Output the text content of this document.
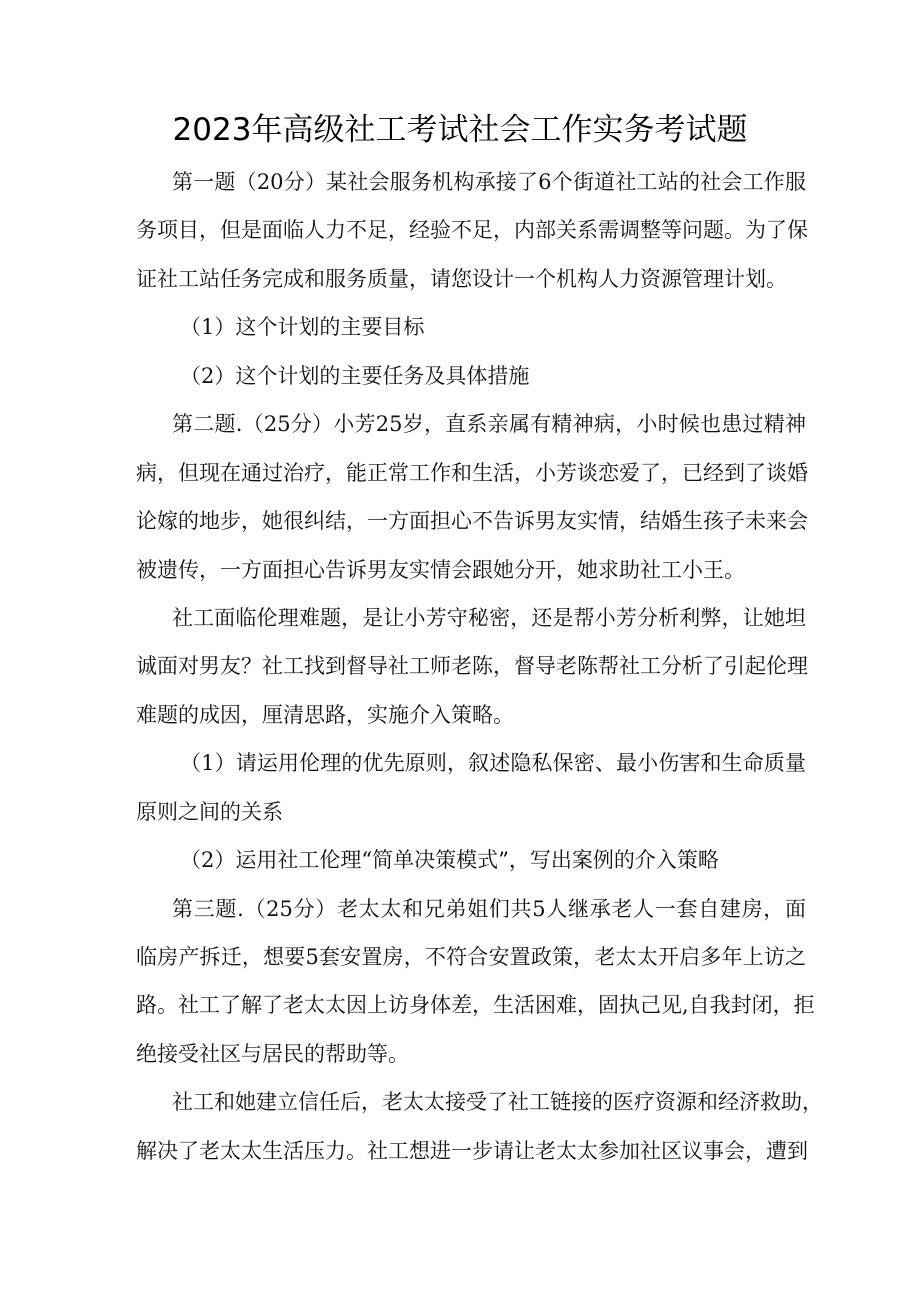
2023年高级社工考试社会工作实务考试题
第一题（20分）某社会服务机构承接了6个街道社工站的社会工作服
务项目，但是面临人力不足，经验不足，内部关系需调整等问题。为了保
证社工站任务完成和服务质量，请您设计一个机构人力资源管理计划。
（1）这个计划的主要目标
（2）这个计划的主要任务及具体措施
第二题.（25分）小芳25岁，直系亲属有精神病，小时候也患过精神
病，但现在通过治疗，能正常工作和生活，小芳谈恋爱了，已经到了谈婚
论嫁的地步，她很纠结，一方面担心不告诉男友实情，结婚生孩子未来会
被遗传，一方面担心告诉男友实情会跟她分开，她求助社工小王。
社工面临伦理难题，是让小芳守秘密，还是帮小芳分析利弊，让她坦
诚面对男友？社工找到督导社工师老陈，督导老陈帮社工分析了引起伦理
难题的成因，厘清思路，实施介入策略。
（1）请运用伦理的优先原则，叙述隐私保密、最小伤害和生命质量
原则之间的关系
（2）运用社工伦理“简单决策模式”，写出案例的介入策略
第三题.（25分）老太太和兄弟姐们共5人继承老人一套自建房，面
临房产拆迁，想要5套安置房，不符合安置政策，老太太开启多年上访之
路。社工了解了老太太因上访身体差，生活困难，固执己见,自我封闭，拒
绝接受社区与居民的帮助等。
社工和她建立信任后，老太太接受了社工链接的医疗资源和经济救助，
解决了老太太生活压力。社工想进一步请让老太太参加社区议事会，遭到
